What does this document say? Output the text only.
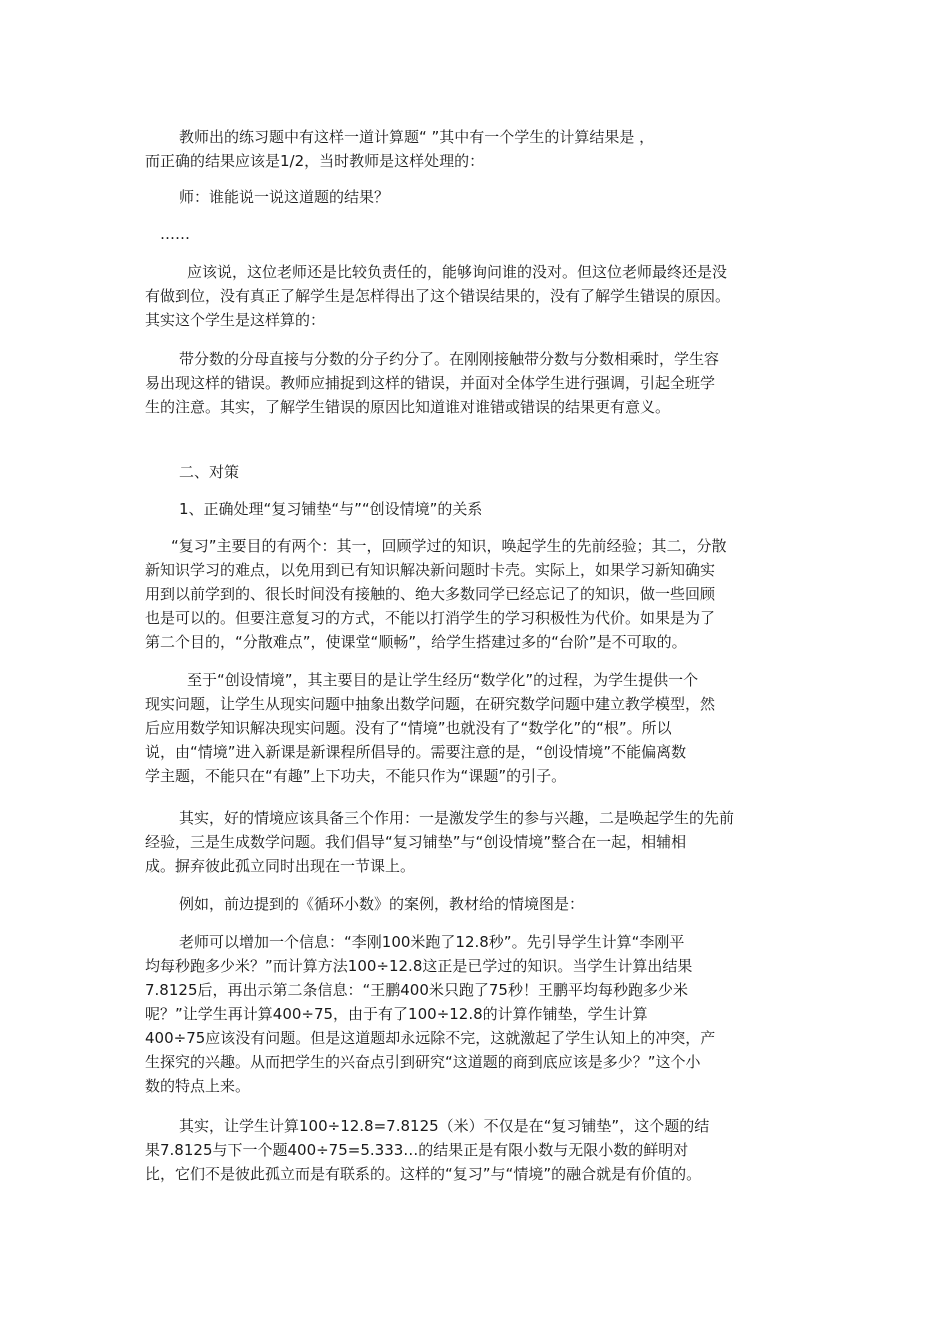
教师出的练习题中有这样一道计算题“ ”其中有一个学生的计算结果是 ，
而正确的结果应该是1/2，当时教师是这样处理的：
师：谁能说一说这道题的结果？
……
应该说，这位老师还是比较负责任的，能够询问谁的没对。但这位老师最终还是没
有做到位，没有真正了解学生是怎样得出了这个错误结果的，没有了解学生错误的原因。
其实这个学生是这样算的：
带分数的分母直接与分数的分子约分了。在刚刚接触带分数与分数相乘时，学生容
易出现这样的错误。教师应捕捉到这样的错误，并面对全体学生进行强调，引起全班学
生的注意。其实，了解学生错误的原因比知道谁对谁错或错误的结果更有意义。
二、对策
1、正确处理“复习铺垫“与”“创设情境”的关系
“复习”主要目的有两个：其一，回顾学过的知识，唤起学生的先前经验；其二，分散
新知识学习的难点，以免用到已有知识解决新问题时卡壳。实际上，如果学习新知确实
用到以前学到的、很长时间没有接触的、绝大多数同学已经忘记了的知识，做一些回顾
也是可以的。但要注意复习的方式，不能以打消学生的学习积极性为代价。如果是为了
第二个目的，“分散难点”，使课堂“顺畅”，给学生搭建过多的“台阶”是不可取的。
至于“创设情境”，其主要目的是让学生经历“数学化”的过程，为学生提供一个
现实问题，让学生从现实问题中抽象出数学问题，在研究数学问题中建立教学模型，然
后应用数学知识解决现实问题。没有了“情境”也就没有了“数学化”的“根”。所以
说，由“情境”进入新课是新课程所倡导的。需要注意的是，“创设情境”不能偏离数
学主题，不能只在“有趣”上下功夫，不能只作为“课题”的引子。
其实，好的情境应该具备三个作用：一是激发学生的参与兴趣，二是唤起学生的先前
经验，三是生成数学问题。我们倡导“复习铺垫”与“创设情境”整合在一起，相辅相
成。摒弃彼此孤立同时出现在一节课上。
例如，前边提到的《循环小数》的案例，教材给的情境图是：
老师可以增加一个信息：“李刚100米跑了12.8秒”。先引导学生计算“李刚平
均每秒跑多少米？”而计算方法100÷12.8这正是已学过的知识。当学生计算出结果
7.8125后，再出示第二条信息：“王鹏400米只跑了75秒！王鹏平均每秒跑多少米
呢？”让学生再计算400÷75，由于有了100÷12.8的计算作铺垫，学生计算
400÷75应该没有问题。但是这道题却永远除不完，这就激起了学生认知上的冲突，产
生探究的兴趣。从而把学生的兴奋点引到研究“这道题的商到底应该是多少？”这个小
数的特点上来。
其实，让学生计算100÷12.8=7.8125（米）不仅是在“复习铺垫”，这个题的结
果7.8125与下一个题400÷75=5.333…的结果正是有限小数与无限小数的鲜明对
比，它们不是彼此孤立而是有联系的。这样的“复习”与“情境”的融合就是有价值的。
